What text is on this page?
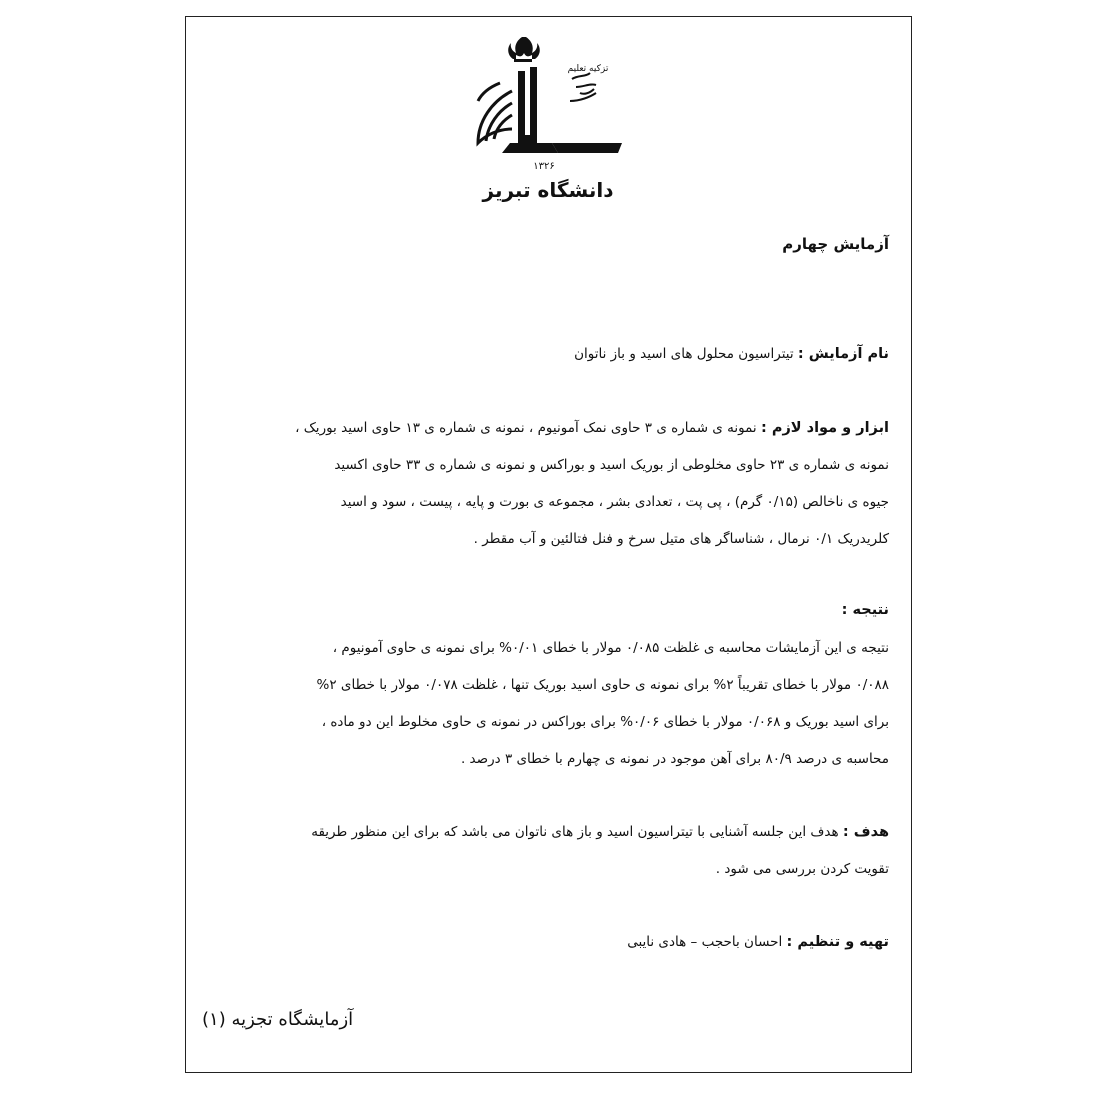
۱۳۲۶
دانشگاه تبریز
تزکیه تعلیم
آزمایش چهارم
نام آزمایش : تیتراسیون محلول های اسید و باز ناتوان

ابزار و مواد لازم : نمونه ی شماره ی ۳ حاوی نمک آمونیوم ، نمونه ی شماره ی ۱۳ حاوی اسید بوریک ،

نمونه ی شماره ی ۲۳ حاوی مخلوطی از بوریک اسید و بوراکس و نمونه ی شماره ی ۳۳ حاوی اکسید

جیوه ی ناخالص (۰/۱۵ گرم) ، پی پت ، تعدادی بشر ، مجموعه ی بورت و پایه ، پیست ، سود و اسید

کلریدریک ۰/۱ نرمال ، شناساگر های متیل سرخ و فنل فتالئین و آب مقطر .

نتیجه :

نتیجه ی این آزمایشات محاسبه ی غلظت ۰/۰۸۵ مولار با خطای ۰/۰۱% برای نمونه ی حاوی آمونیوم ،

۰/۰۸۸ مولار با خطای تقریباً ۲% برای نمونه ی حاوی اسید بوریک تنها ، غلظت ۰/۰۷۸ مولار با خطای ۲%

برای اسید بوریک و ۰/۰۶۸ مولار با خطای ۰/۰۶% برای بوراکس در نمونه ی حاوی مخلوط این دو ماده ،

محاسبه ی درصد ۸۰/۹ برای آهن موجود در نمونه ی چهارم با خطای ۳ درصد .

هدف : هدف این جلسه آشنایی با تیتراسیون اسید و باز های ناتوان می باشد که برای این منظور طریقه

تقویت کردن بررسی می شود .

تهیه و تنظیم : احسان باحجب – هادی نایبی
آزمایشگاه تجزیه (۱)
